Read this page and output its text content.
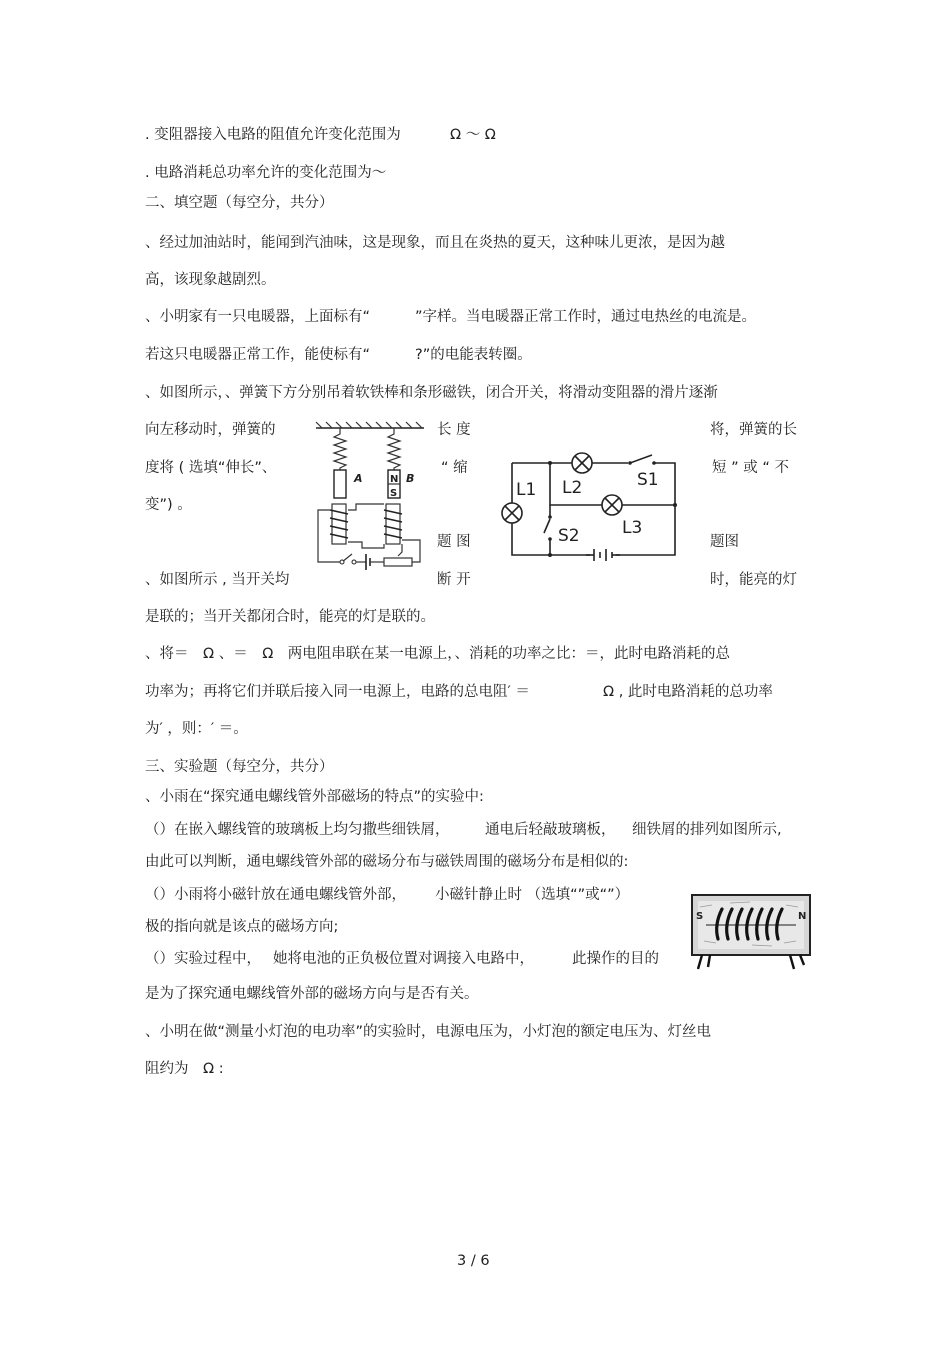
. 变阻器接入电路的阻值允许变化范围为	Ω ～ Ω
. 电路消耗总功率允许的变化范围为～
二、填空题（每空分，共分）
、经过加油站时，能闻到汽油味，这是现象，而且在炎热的夏天，这种味儿更浓，是因为越
高，该现象越剧烈。
、小明家有一只电暖器，上面标有“	”字样。当电暖器正常工作时，通过电热丝的电流是。
若这只电暖器正常工作，能使标有“	?”的电能表转圈。
、如图所示，、弹簧下方分别吊着软铁棒和条形磁铁，闭合开关，将滑动变阻器的滑片逐渐
向左移动时，弹簧的	长 度	将，弹簧的长
度将 ( 选填“伸长”、	“ 缩	短 ” 或 “ 不
变”) 。
题 图	题图
、如图所示 , 当开关均	断 开	时，能亮的灯
是联的；当开关都闭合时，能亮的灯是联的。
、将＝　Ω 、＝　Ω　两电阻串联在某一电源上，、消耗的功率之比：＝，此时电路消耗的总
功率为；再将它们并联后接入同一电源上，电路的总电阻′ ＝	Ω , 此时电路消耗的总功率
为′ ，则：′ ＝。
三、实验题（每空分，共分）
、小雨在“探究通电螺线管外部磁场的特点”的实验中:
（）在嵌入螺线管的玻璃板上均匀撒些细铁屑， 通电后轻敲玻璃板， 细铁屑的排列如图所示,
由此可以判断，通电螺线管外部的磁场分布与磁铁周围的磁场分布是相似的:
（）小雨将小磁针放在通电螺线管外部， 小磁针静止时 （选填“”或“”）
极的指向就是该点的磁场方向;
（）实验过程中， 她将电池的正负极位置对调接入电路中，	此操作的目的
是为了探究通电螺线管外部的磁场方向与是否有关。
、小明在做“测量小灯泡的电功率”的实验时，电源电压为，小灯泡的额定电压为、灯丝电
阻约为　Ω :
3 / 6
A	N
S
B
L1 L2	S1
L3
S2
S	N
